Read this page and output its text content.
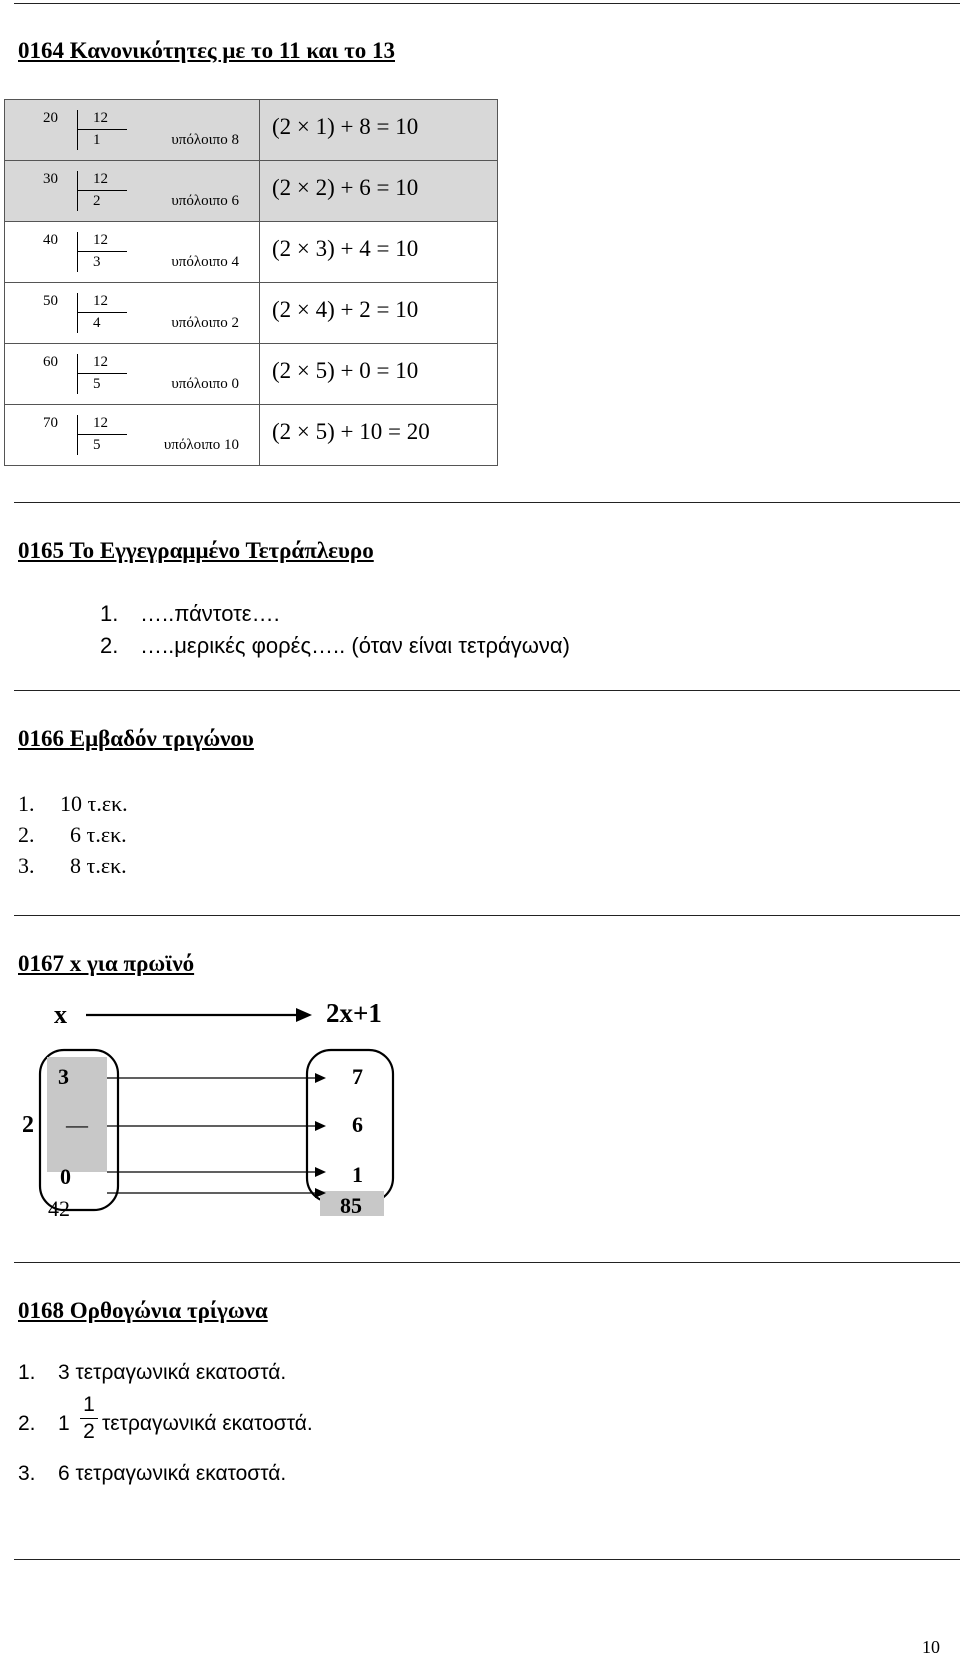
0164 Κανονικότητες με το 11 και το 13
20 12
1 υπόλοιπο 8	(2 × 1) + 8 = 10

30 12
2 υπόλοιπο 6	(2 × 2) + 6 = 10

40 12
3 υπόλοιπο 4	(2 × 3) + 4 = 10

50 12
4 υπόλοιπο 2	(2 × 4) + 2 = 10

60 12
5 υπόλοιπο 0	(2 × 5) + 0 = 10

70 12
5 υπόλοιπο 10	(2 × 5) + 10 = 20
0165 Το Εγγεγραμμένο Τετράπλευρο
1. …..πάντοτε….
2. …..μερικές φορές….. (όταν είναι τετράγωνα)
0166 Εμβαδόν τριγώνου
1. 10 τ.εκ.
2. 6 τ.εκ.
3. 8 τ.εκ.
0167 x για πρωϊνό
x	2x+1
3
2 —
0
42
7
6
1
85
0168 Ορθογώνια τρίγωνα
1. 3 τετραγωνικά εκατοστά.
2. 1
1
2 τετραγωνικά εκατοστά.
3. 6 τετραγωνικά εκατοστά.
10
